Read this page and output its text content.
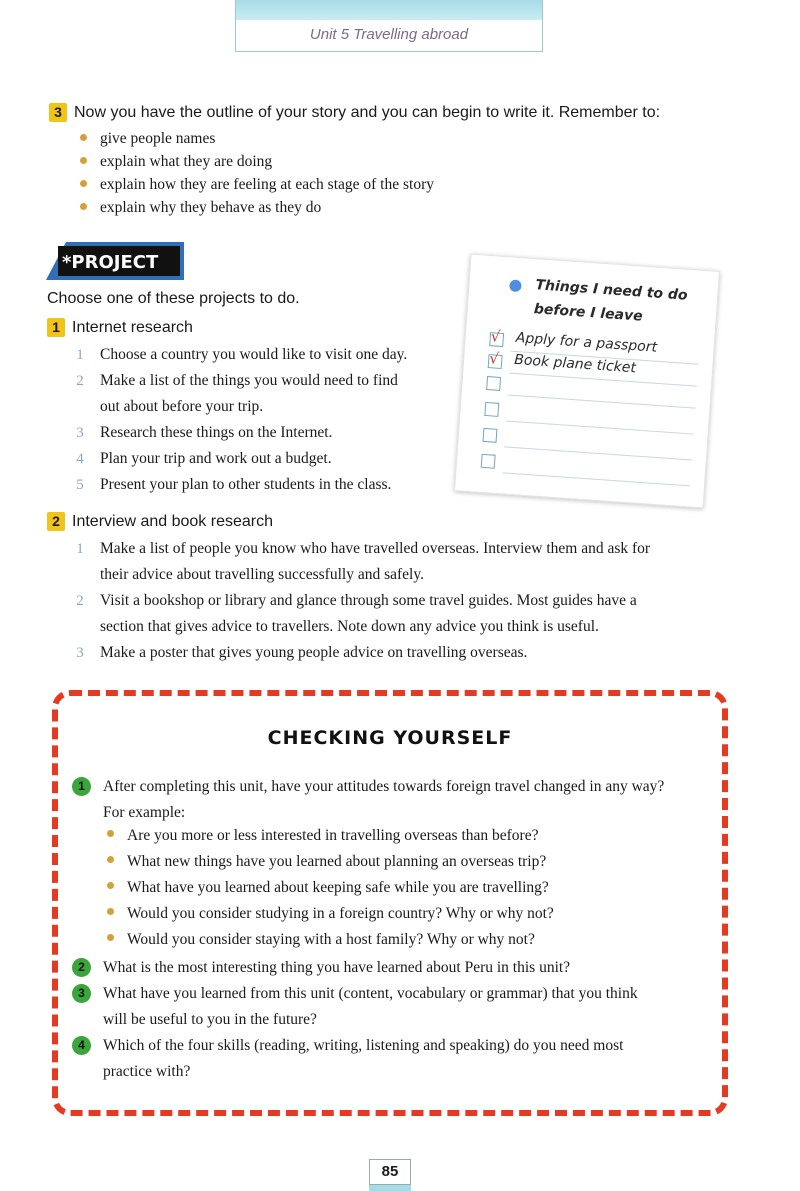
Unit 5 Travelling abroad
3 Now you have the outline of your story and you can begin to write it. Remember to:
give people names
explain what they are doing
explain how they are feeling at each stage of the story
explain why they behave as they do
*PROJECT
Choose one of these projects to do.
1 Internet research
1	Choose a country you would like to visit one day.
2	Make a list of the things you would need to find
out about before your trip.
3	Research these things on the Internet.
4	Plan your trip and work out a budget.
5	Present your plan to other students in the class.
Things I need to do
before I leave
√ Apply for a passport
√ Book plane ticket
2 Interview and book research
1	Make a list of people you know who have travelled overseas. Interview them and ask for
their advice about travelling successfully and safely.
2	Visit a bookshop or library and glance through some travel guides. Most guides have a
section that gives advice to travellers. Note down any advice you think is useful.
3	Make a poster that gives young people advice on travelling overseas.
CHECKING YOURSELF
1	After completing this unit, have your attitudes towards foreign travel changed in any way?
For example:
Are you more or less interested in travelling overseas than before?
What new things have you learned about planning an overseas trip?
What have you learned about keeping safe while you are travelling?
Would you consider studying in a foreign country? Why or why not?
Would you consider staying with a host family? Why or why not?
2	What is the most interesting thing you have learned about Peru in this unit?
3	What have you learned from this unit (content, vocabulary or grammar) that you think
will be useful to you in the future?
4	Which of the four skills (reading, writing, listening and speaking) do you need most
practice with?
85
